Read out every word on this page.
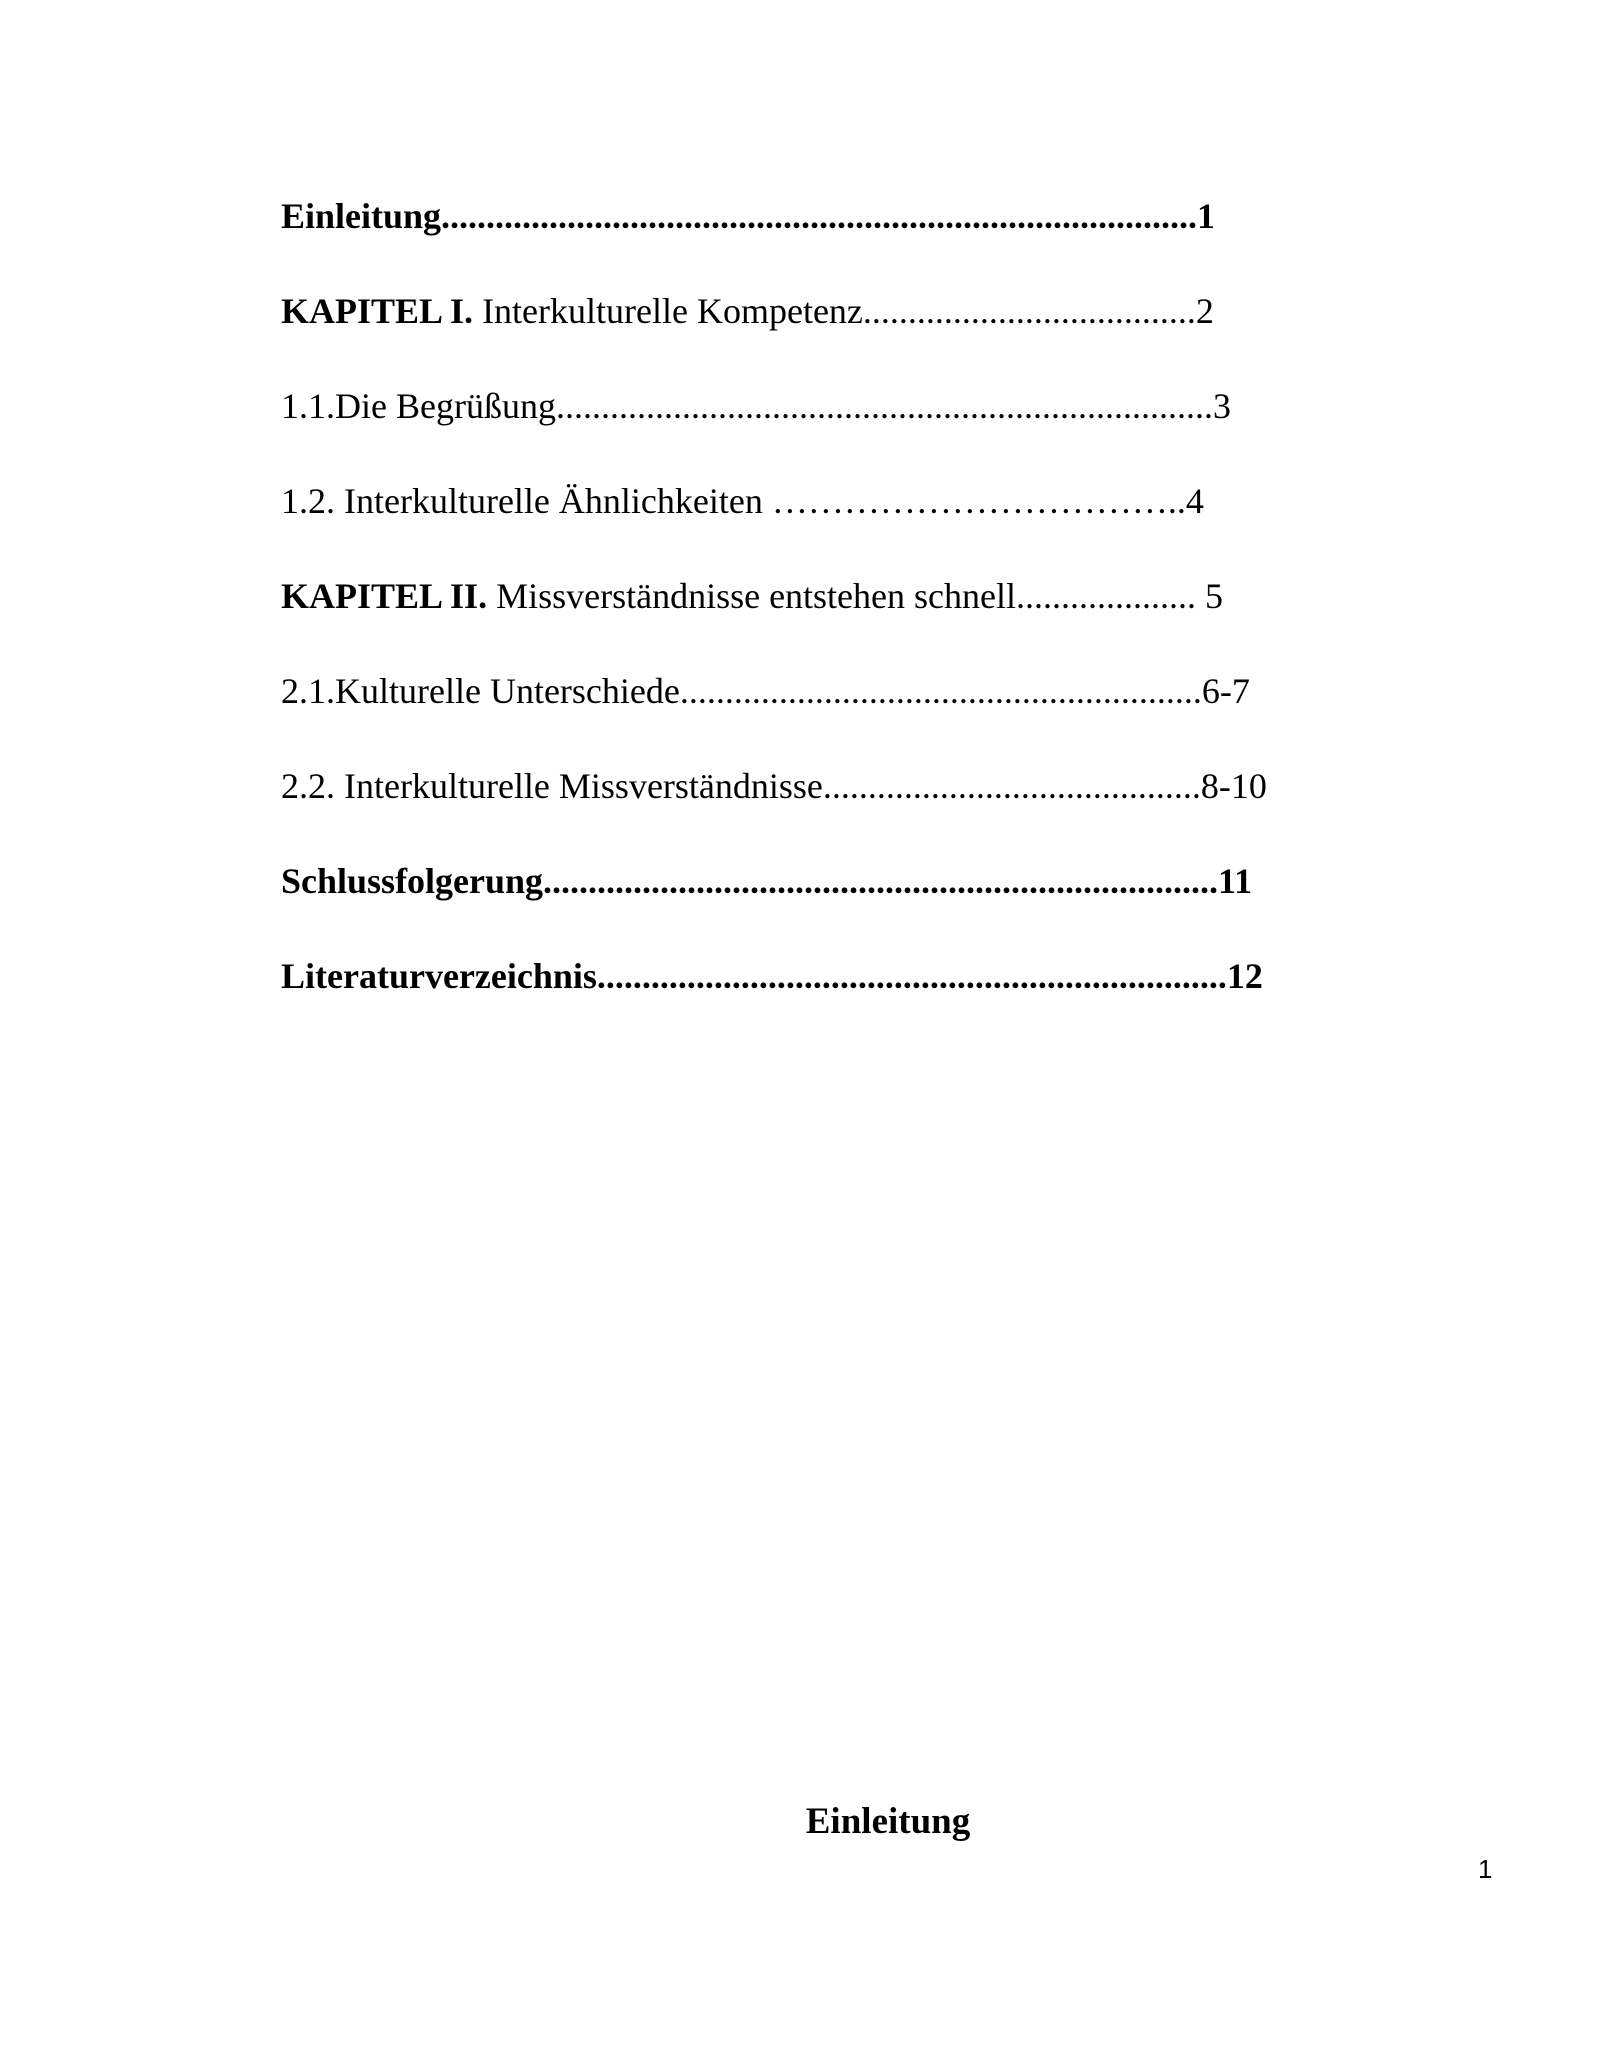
Einleitung....................................................................................1
KAPITEL I. Interkulturelle Kompetenz.....................................2
1.1.Die Begrüßung.........................................................................3
1.2. Interkulturelle Ähnlichkeiten ……………………………..4
KAPITEL II. Missverständnisse entstehen schnell.................... 5
2.1.Kulturelle Unterschiede..........................................................6-7
2.2. Interkulturelle Missverständnisse..........................................8-10
Schlussfolgerung...........................................................................11
Literaturverzeichnis......................................................................12
Einleitung
1
